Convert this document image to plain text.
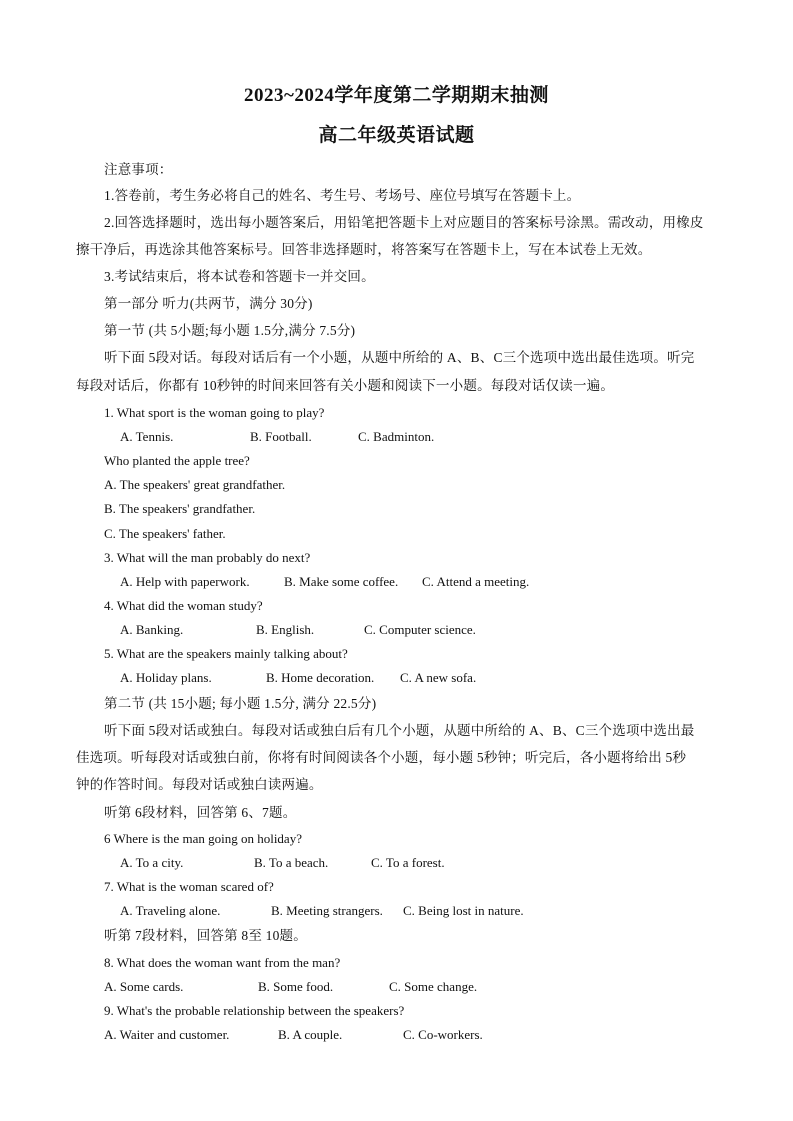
2023~2024学年度第二学期期末抽测
高二年级英语试题
注意事项：
1.答卷前，考生务必将自己的姓名、考生号、考场号、座位号填写在答题卡上。
2.回答选择题时，选出每小题答案后，用铅笔把答题卡上对应题目的答案标号涂黑。需改动，用橡皮
擦干净后，再选涂其他答案标号。回答非选择题时，将答案写在答题卡上，写在本试卷上无效。
3.考试结束后，将本试卷和答题卡一并交回。
第一部分 听力(共两节，满分 30分)
第一节 (共 5小题;每小题 1.5分,满分 7.5分)
听下面 5段对话。每段对话后有一个小题，从题中所给的 A、B、C三个选项中选出最佳选项。听完
每段对话后，你都有 10秒钟的时间来回答有关小题和阅读下一小题。每段对话仅读一遍。
1. What sport is the woman going to play?
A. Tennis.	B. Football.	C. Badminton.
Who planted the apple tree?
A. The speakers' great grandfather.
B. The speakers' grandfather.
C. The speakers' father.
3. What will the man probably do next?
A. Help with paperwork.	B. Make some coffee. C. Attend a meeting.
4. What did the woman study?
A. Banking.	B. English.	C. Computer science.
5. What are the speakers mainly talking about?
A. Holiday plans.	B. Home decoration. C. A new sofa.
第二节 (共 15小题; 每小题 1.5分, 满分 22.5分)
听下面 5段对话或独白。每段对话或独白后有几个小题，从题中所给的 A、B、C三个选项中选出最
佳选项。听每段对话或独白前，你将有时间阅读各个小题，每小题 5秒钟；听完后，各小题将给出 5秒
钟的作答时间。每段对话或独白读两遍。
听第 6段材料，回答第 6、7题。
6 Where is the man going on holiday?
A. To a city.	B. To a beach.	C. To a forest.
7. What is the woman scared of?
A. Traveling alone.	B. Meeting strangers. C. Being lost in nature.
听第 7段材料，回答第 8至 10题。
8. What does the woman want from the man?
A. Some cards.	B. Some food.	C. Some change.
9. What's the probable relationship between the speakers?
A. Waiter and customer.	B. A couple.	C. Co-workers.
